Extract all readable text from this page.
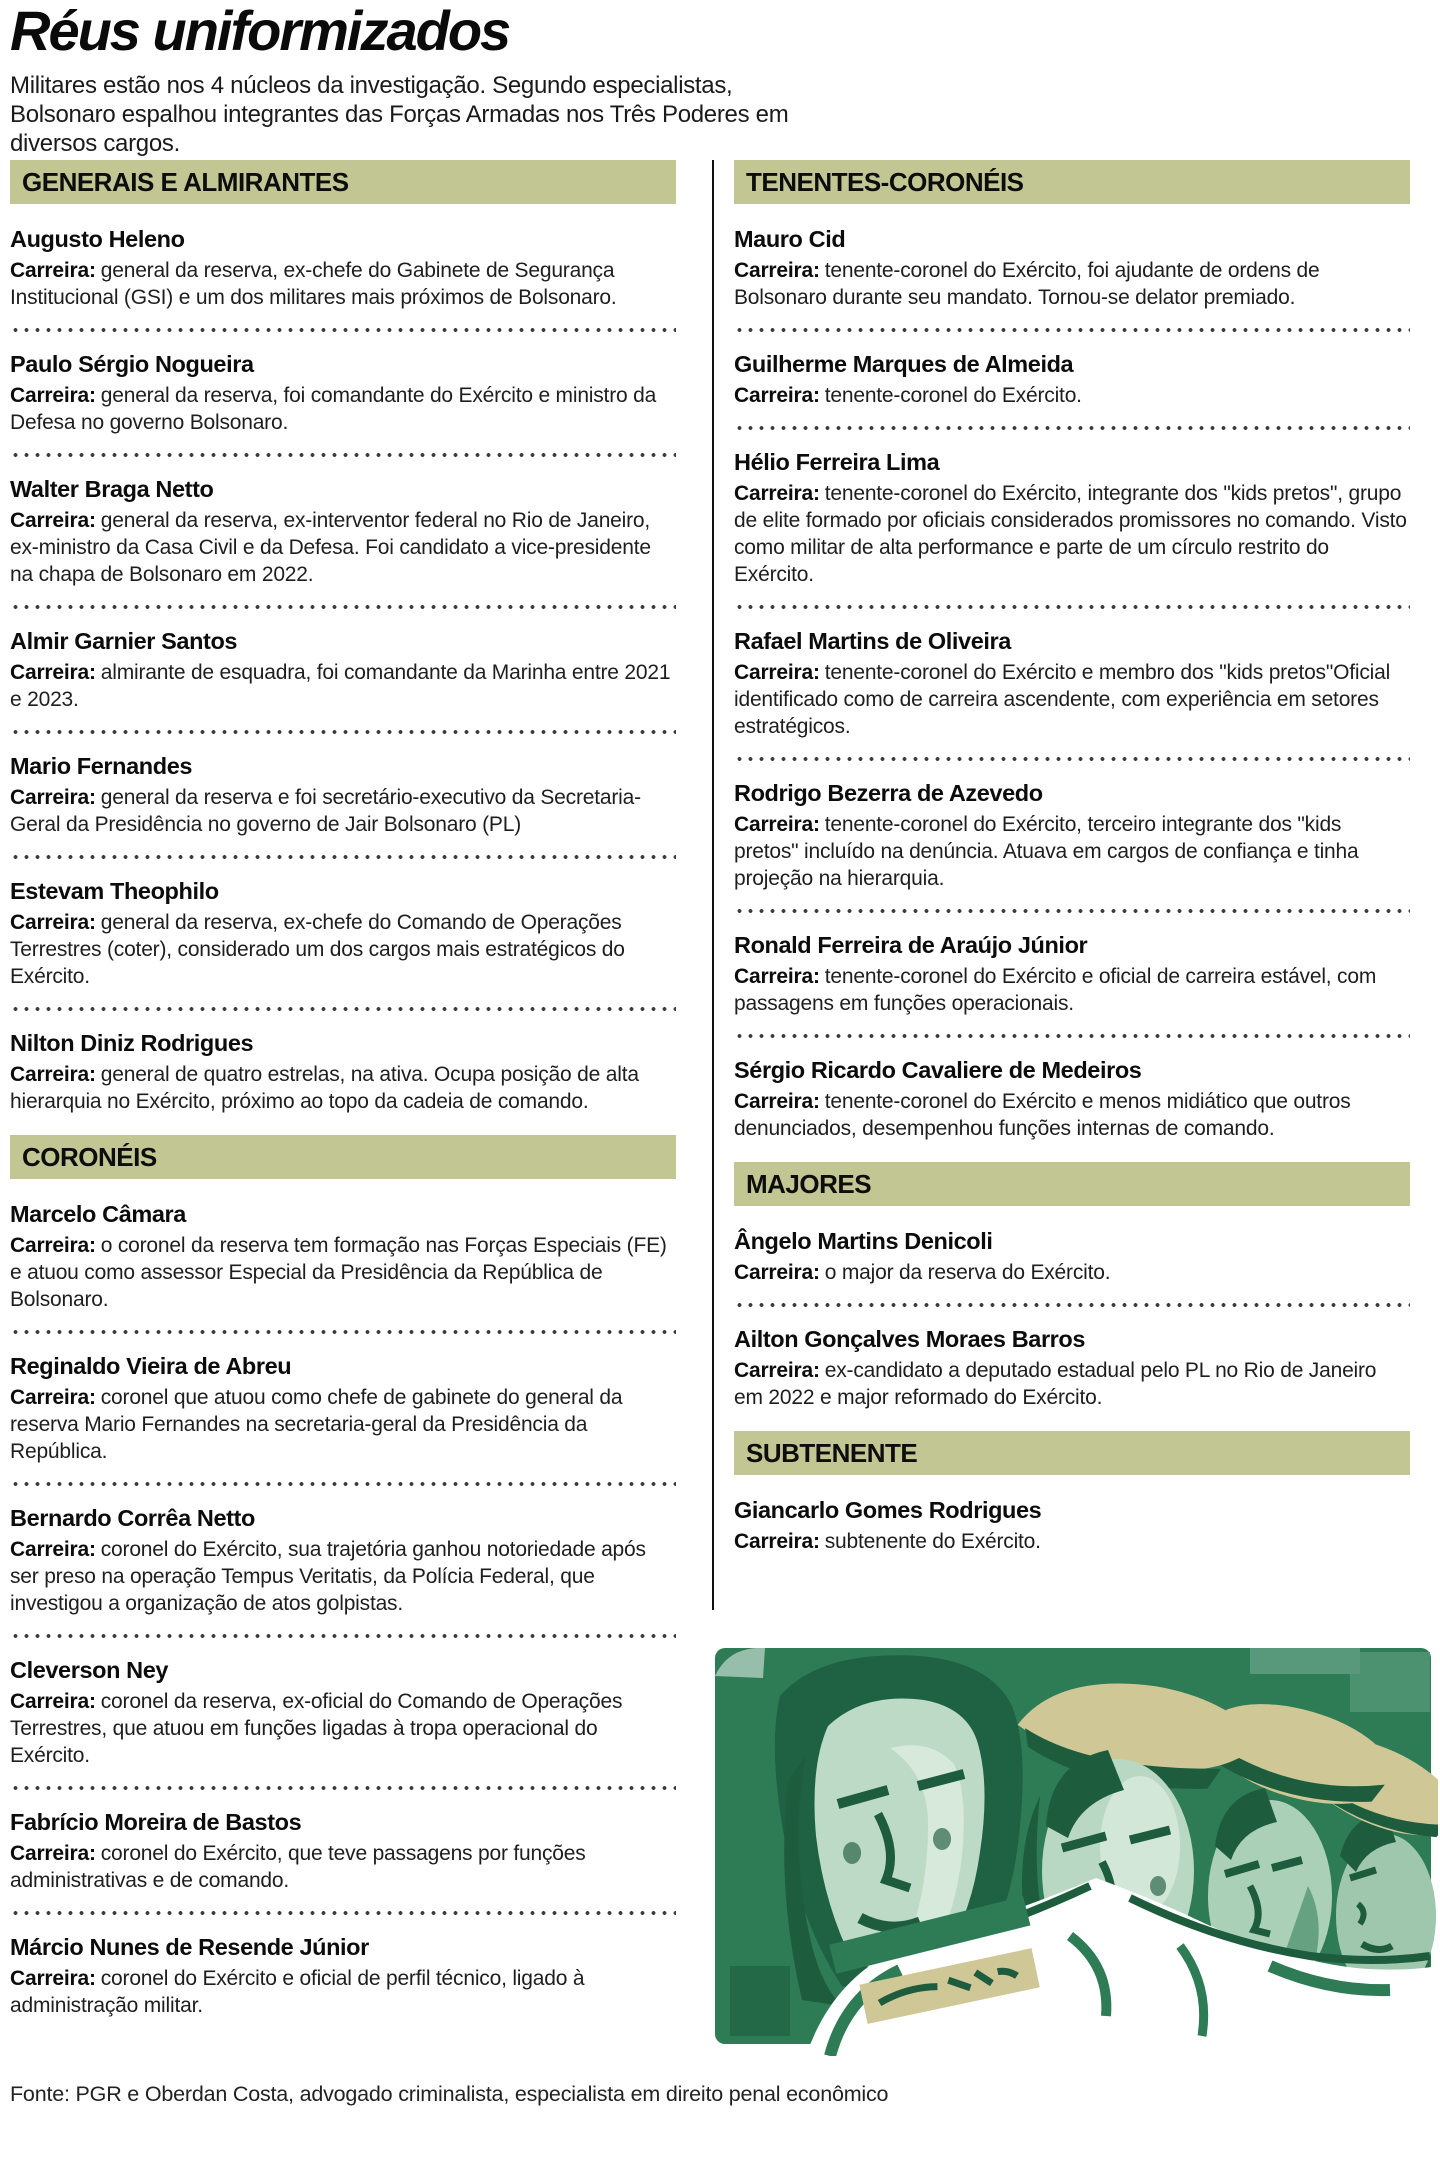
Réus uniformizados
Militares estão nos 4 núcleos da investigação. Segundo especialistas, Bolsonaro espalhou integrantes das Forças Armadas nos Três Poderes em diversos cargos.
GENERAIS E ALMIRANTES
Augusto Heleno

Carreira: general da reserva, ex-chefe do Gabinete de Segurança Institucional (GSI) e um dos militares mais próximos de Bolsonaro.

Paulo Sérgio Nogueira

Carreira: general da reserva, foi comandante do Exército e ministro da Defesa no governo Bolsonaro.

Walter Braga Netto

Carreira: general da reserva, ex-interventor federal no Rio de Janeiro, ex-ministro da Casa Civil e da Defesa. Foi candidato a vice-presidente na chapa de Bolsonaro em 2022.

Almir Garnier Santos

Carreira: almirante de esquadra, foi comandante da Marinha entre 2021 e 2023.

Mario Fernandes

Carreira: general da reserva e foi secretário-executivo da Secretaria-Geral da Presidência no governo de Jair Bolsonaro (PL)

Estevam Theophilo

Carreira: general da reserva, ex-chefe do Comando de Operações Terrestres (coter), considerado um dos cargos mais estratégicos do Exército.

Nilton Diniz Rodrigues

Carreira: general de quatro estrelas, na ativa. Ocupa posição de alta hierarquia no Exército, próximo ao topo da cadeia de comando.

CORONÉIS
Marcelo Câmara

Carreira: o coronel da reserva tem formação nas Forças Especiais (FE) e atuou como assessor Especial da Presidência da República de Bolsonaro.

Reginaldo Vieira de Abreu

Carreira: coronel que atuou como chefe de gabinete do general da reserva Mario Fernandes na secretaria-geral da Presidência da República.

Bernardo Corrêa Netto

Carreira: coronel do Exército, sua trajetória ganhou notoriedade após ser preso na operação Tempus Veritatis, da Polícia Federal, que investigou a organização de atos golpistas.

Cleverson Ney

Carreira: coronel da reserva, ex-oficial do Comando de Operações Terrestres, que atuou em funções ligadas à tropa operacional do Exército.

Fabrício Moreira de Bastos

Carreira: coronel do Exército, que teve passagens por funções administrativas e de comando.

Márcio Nunes de Resende Júnior

Carreira: coronel do Exército e oficial de perfil técnico, ligado à administração militar.

TENENTES-CORONÉIS
Mauro Cid

Carreira: tenente-coronel do Exército, foi ajudante de ordens de Bolsonaro durante seu mandato. Tornou-se delator premiado.

Guilherme Marques de Almeida

Carreira: tenente-coronel do Exército.

Hélio Ferreira Lima

Carreira: tenente-coronel do Exército, integrante dos "kids pretos", grupo de elite formado por oficiais considerados promissores no comando. Visto como militar de alta performance e parte de um círculo restrito do Exército.

Rafael Martins de Oliveira

Carreira: tenente-coronel do Exército e membro dos "kids pretos"Oficial identificado como de carreira ascendente, com experiência em setores estratégicos.

Rodrigo Bezerra de Azevedo

Carreira: tenente-coronel do Exército, terceiro integrante dos "kids pretos" incluído na denúncia. Atuava em cargos de confiança e tinha projeção na hierarquia.

Ronald Ferreira de Araújo Júnior

Carreira: tenente-coronel do Exército e oficial de carreira estável, com passagens em funções operacionais.

Sérgio Ricardo Cavaliere de Medeiros

Carreira: tenente-coronel do Exército e menos midiático que outros denunciados, desempenhou funções internas de comando.

MAJORES
Ângelo Martins Denicoli

Carreira: o major da reserva do Exército.

Ailton Gonçalves Moraes Barros

Carreira: ex-candidato a deputado estadual pelo PL no Rio de Janeiro em 2022 e major reformado do Exército.

SUBTENENTE
Giancarlo Gomes Rodrigues

Carreira: subtenente do Exército.

Fonte: PGR e Oberdan Costa, advogado criminalista, especialista em direito penal econômico
